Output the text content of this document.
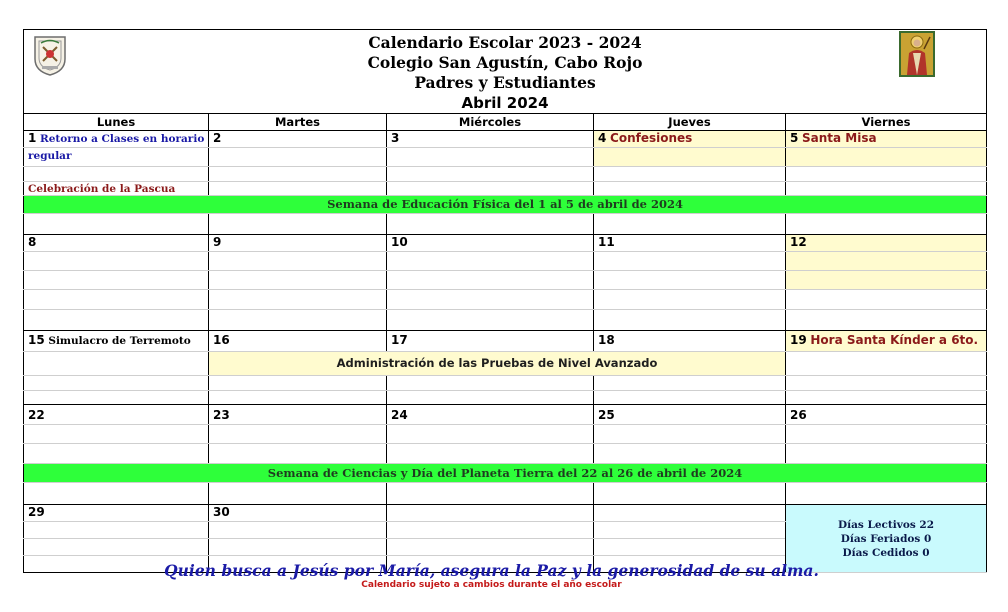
Calendario Escolar 2023 - 2024
Colegio San Agustín, Cabo Rojo
Padres y Estudiantes
Abril 2024				

Lunes	Martes	Miércoles	Jueves	Viernes
1 Retorno a Clases en horario	2	3	4 Confesiones	5 Santa Misa
regular				

Celebración de la Pascua				
Semana de Educación Física del 1 al 5 de abril de 2024				

8	9	10	11	12

15 Simulacro de Terremoto	16	17	18	19 Hora Santa Kínder a 6to.
	Administración de las Pruebas de Nivel Avanzado			

22	23	24	25	26

Semana de Ciencias y Día del Planeta Tierra del 22 al 26 de abril de 2024				

29	30			Días Lectivos 22
Días Feriados 0
Días Cedidos 0

Quien busca a Jesús por María, asegura la Paz y la generosidad de su alma.
Calendario sujeto a cambios durante el año escolar
